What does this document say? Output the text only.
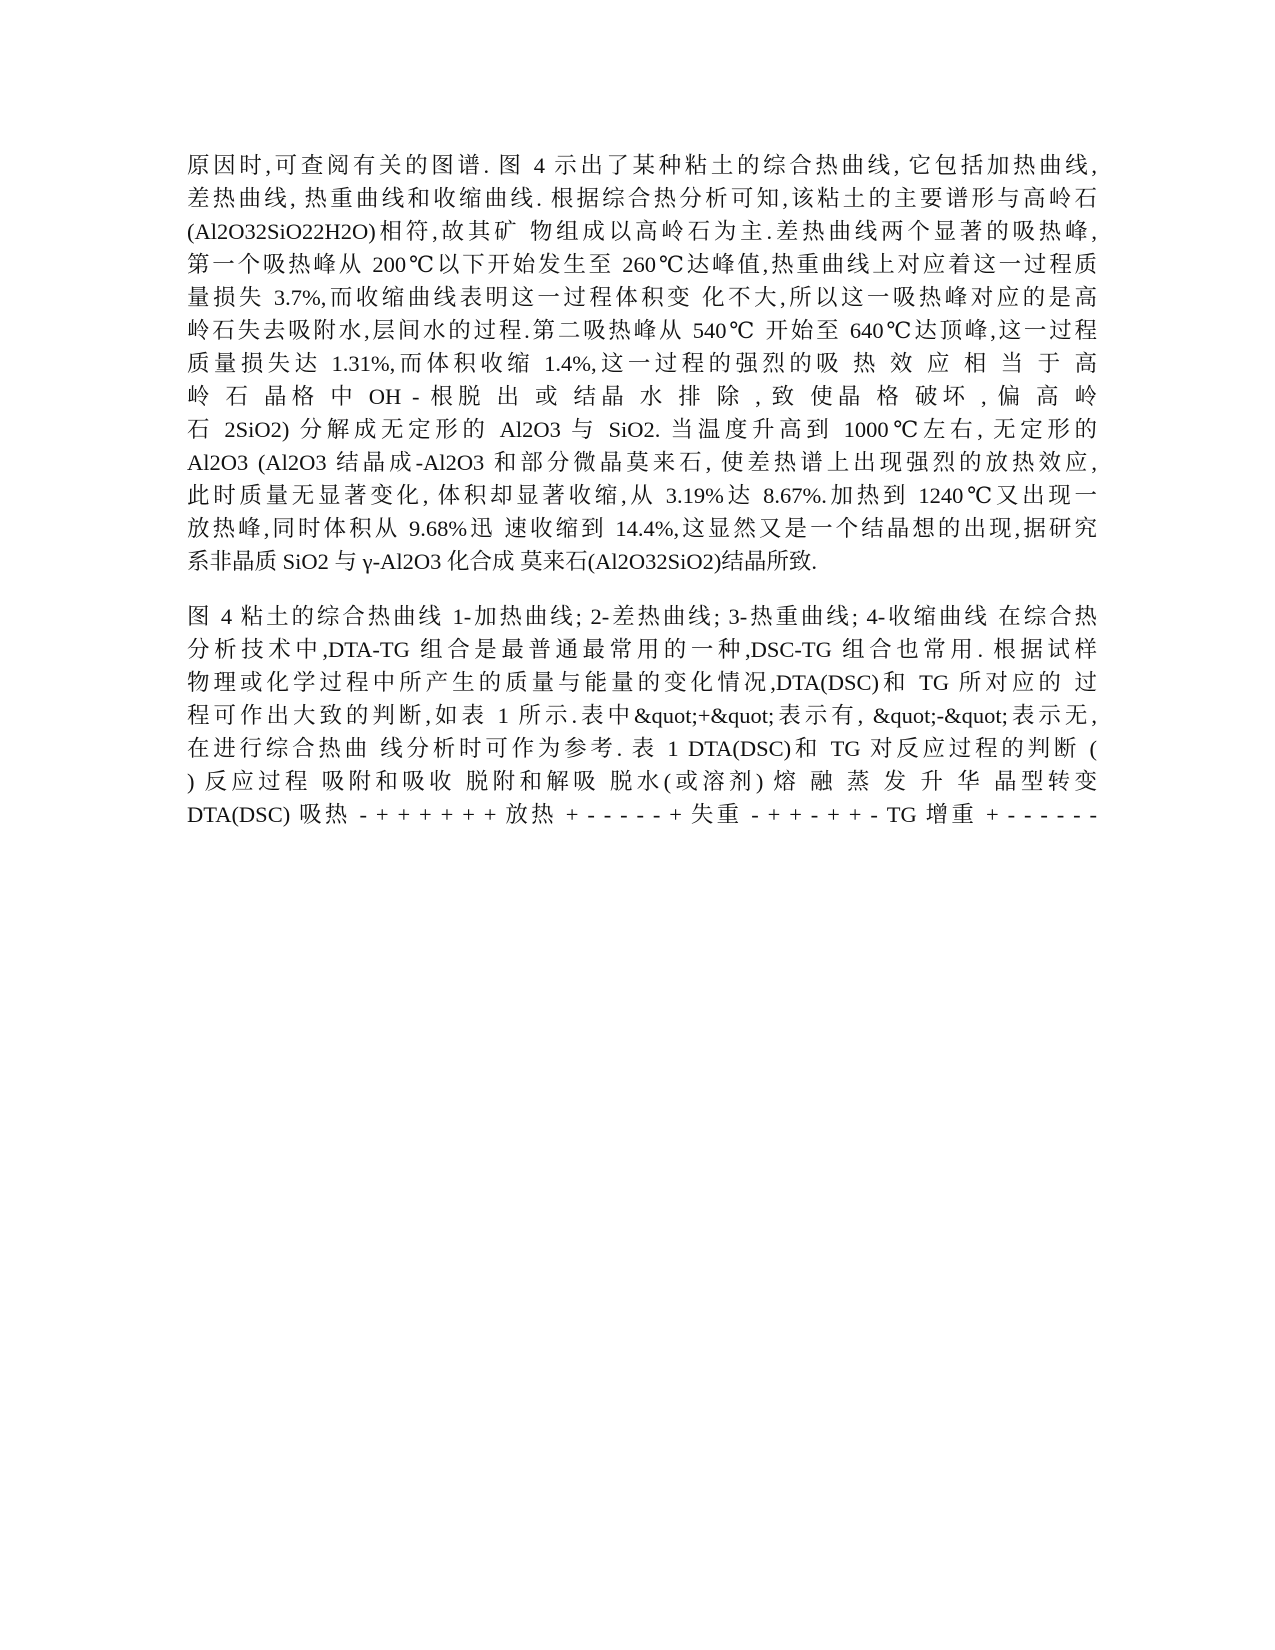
原因时,可查阅有关的图谱. 图 4 示出了某种粘土的综合热曲线, 它包括加热曲线,
差热曲线, 热重曲线和收缩曲线. 根据综合热分析可知,该粘土的主要谱形与高岭石
(Al2O32SiO22H2O)相符,故其矿 物组成以高岭石为主.差热曲线两个显著的吸热峰,
第一个吸热峰从 200℃以下开始发生至 260℃达峰值,热重曲线上对应着这一过程质
量损失 3.7%,而收缩曲线表明这一过程体积变 化不大,所以这一吸热峰对应的是高
岭石失去吸附水,层间水的过程.第二吸热峰从 540℃ 开始至 640℃达顶峰,这一过程
质量损失达 1.31%,而体积收缩 1.4%,这一过程的强烈的吸 热 效 应 相 当 于 高
岭 石 晶格 中 OH - 根脱 出 或 结晶 水 排 除 , 致 使晶 格 破坏 , 偏 高 岭
石 2SiO2) 分解成无定形的 Al2O3 与 SiO2. 当温度升高到 1000℃左右, 无定形的
Al2O3 (Al2O3 结晶成-Al2O3 和部分微晶莫来石, 使差热谱上出现强烈的放热效应,
此时质量无显著变化, 体积却显著收缩,从 3.19%达 8.67%.加热到 1240℃又出现一
放热峰,同时体积从 9.68%迅 速收缩到 14.4%,这显然又是一个结晶想的出现,据研究
系非晶质 SiO2 与 γ-Al2O3 化合成 莫来石(Al2O32SiO2)结晶所致.
图 4 粘土的综合热曲线 1-加热曲线; 2-差热曲线; 3-热重曲线; 4-收缩曲线 在综合热
分析技术中,DTA-TG 组合是最普通最常用的一种,DSC-TG 组合也常用. 根据试样
物理或化学过程中所产生的质量与能量的变化情况,DTA(DSC)和 TG 所对应的 过
程可作出大致的判断,如表 1 所示.表中&quot;+&quot;表示有, &quot;-&quot;表示无,
在进行综合热曲 线分析时可作为参考. 表 1 DTA(DSC)和 TG 对反应过程的判断 (
) 反应过程 吸附和吸收 脱附和解吸 脱水(或溶剂) 熔 融 蒸 发 升 华 晶型转变
DTA(DSC) 吸热 - + + + + + + 放热 + - - - - - + 失重 - + + - + + - TG 增重 + - - - - - -
